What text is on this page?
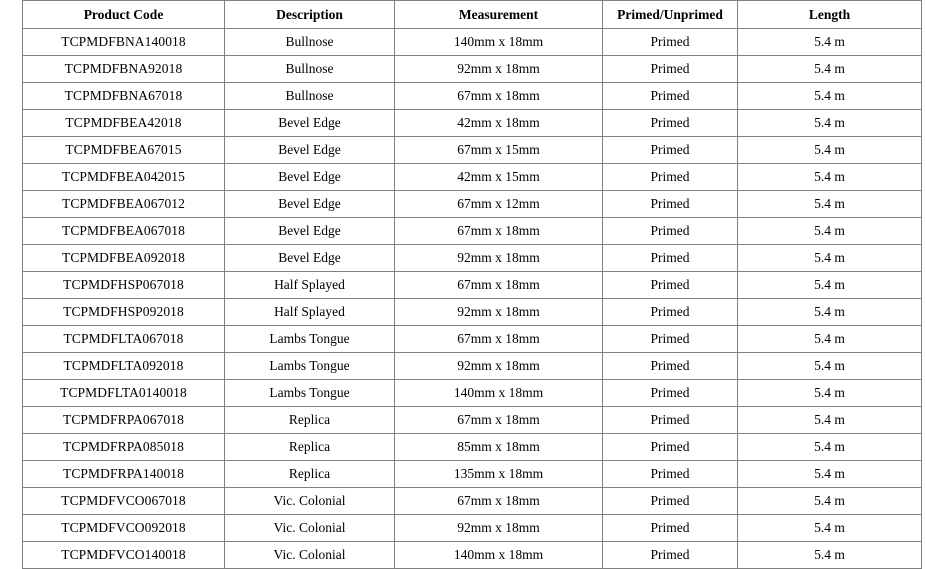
Product Code	Description	Measurement	Primed/Unprimed	Length
TCPMDFBNA140018	Bullnose	140mm x 18mm	Primed	5.4 m
TCPMDFBNA92018	Bullnose	92mm x 18mm	Primed	5.4 m
TCPMDFBNA67018	Bullnose	67mm x 18mm	Primed	5.4 m
TCPMDFBEA42018	Bevel Edge	42mm x 18mm	Primed	5.4 m
TCPMDFBEA67015	Bevel Edge	67mm x 15mm	Primed	5.4 m
TCPMDFBEA042015	Bevel Edge	42mm x 15mm	Primed	5.4 m
TCPMDFBEA067012	Bevel Edge	67mm x 12mm	Primed	5.4 m
TCPMDFBEA067018	Bevel Edge	67mm x 18mm	Primed	5.4 m
TCPMDFBEA092018	Bevel Edge	92mm x 18mm	Primed	5.4 m
TCPMDFHSP067018	Half Splayed	67mm x 18mm	Primed	5.4 m
TCPMDFHSP092018	Half Splayed	92mm x 18mm	Primed	5.4 m
TCPMDFLTA067018	Lambs Tongue	67mm x 18mm	Primed	5.4 m
TCPMDFLTA092018	Lambs Tongue	92mm x 18mm	Primed	5.4 m
TCPMDFLTA0140018	Lambs Tongue	140mm x 18mm	Primed	5.4 m
TCPMDFRPA067018	Replica	67mm x 18mm	Primed	5.4 m
TCPMDFRPA085018	Replica	85mm x 18mm	Primed	5.4 m
TCPMDFRPA140018	Replica	135mm x 18mm	Primed	5.4 m
TCPMDFVCO067018	Vic. Colonial	67mm x 18mm	Primed	5.4 m
TCPMDFVCO092018	Vic. Colonial	92mm x 18mm	Primed	5.4 m
TCPMDFVCO140018	Vic. Colonial	140mm x 18mm	Primed	5.4 m
